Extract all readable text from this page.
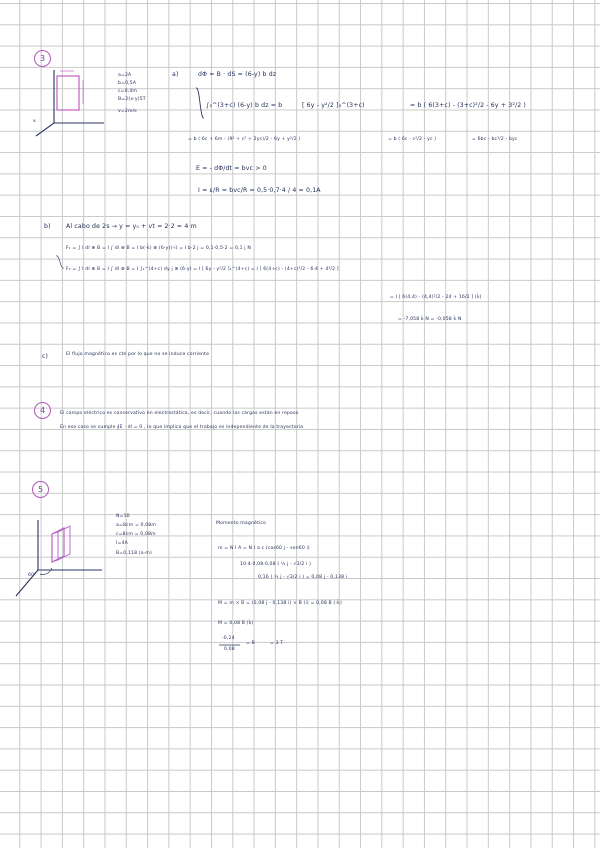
3
a=2A
b=0,5A
c=0,4m
B=2(x-y)5T
v=2m/s
x
a)	dΦ = B · dS = (6-y) b dz
∫₃^(3+c) (6-y) b dz = b	[ 6y - y²/2 ]₃^(3+c)	= b ( 6(3+c) - (3+c)²/2 - 6y + 3²/2 )
= b ( 6c + 6m - (9² + c² + 2yc)/2 - 6y + y²/2 )	= b ( 6c - c²/2 - yc )	= 6bc - bc²/2 - byc
E = - dΦ/dt = bvc > 0
I = ε/R = bvc/R = 0,5·0,7·4 / 4 = 0,1A
b) Al cabo de 2s → y = y₀ + vt = 2·2 = 4 m
F₁ = ∫ I dl ⊗ B = I ∫ dl ⊗ B = I b(-k̂) ⊗ (6-y)(-i) = I b·2 j = 0,1·0,5·2 = 0,1 j N
F₂ = ∫ I dl ⊗ B = I ∫ dl ⊗ B = I ∫₄^(4+c) dy j ⊗ (6-y) = I [ 6y - y²/2 ]₄^(4+c) = I [ 6(4+c) - (4+c)²/2 - 6·4 + 4²/2 ]
= I [ 6(4,4) - (4,4)²/2 - 24 + 16/2 ] (k̂)
= -7,058 k̂ N = -0,058 k̂ N
c)	El flujo magnético es cte por lo que no se induce corriente
4	El campo eléctrico es conservativo en electrostática, es decir, cuando las cargas están en reposo
En ese caso se cumple ∮E · dl = 0 , lo que implica que el trabajo es independiente de la trayectoria
5
N=10
a=8cm = 0,08m
c=8cm = 0,08m
I=4A
B=0,118 (a·m)
60°
Momento magnético
m = N I A = N I a c (cos60 j - sen60 i)
10·4·0,08·0,08 ( ½ j - √3/2 i )
0,16 ( ½ j - √3/2 i ) = 0,08 j - 0,138 i
M = m × B = (0,08 j - 0,138 i) × B (i) = 0,08 B (-k̂)
M = 0,08 B (k̂)
-0,24
0,08
= B	= 3 T
